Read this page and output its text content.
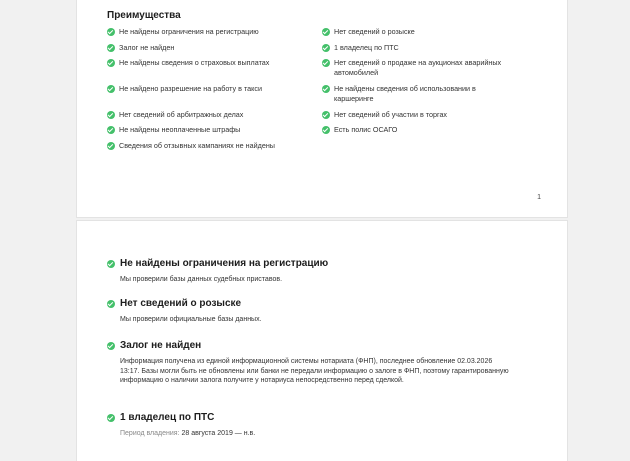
Преимущества
Не найдены ограничения на регистрацию
Залог не найден
Не найдены сведения о страховых выплатах
Не найдено разрешение на работу в такси
Нет сведений об арбитражных делах
Не найдены неоплаченные штрафы
Сведения об отзывных кампаниях не найдены
Нет сведений о розыске
1 владелец по ПТС
Нет сведений о продаже на аукционах аварийных автомобилей
Не найдены сведения об использовании в каршеринге
Нет сведений об участии в торгах
Есть полис ОСАГО
1
Не найдены ограничения на регистрацию
Мы проверили базы данных судебных приставов.
Нет сведений о розыске
Мы проверили официальные базы данных.
Залог не найден
Информация получена из единой информационной системы нотариата (ФНП), последнее обновление 02.03.2026 13:17. Базы могли быть не обновлены или банки не передали информацию о залоге в ФНП, поэтому гарантированную информацию о наличии залога получите у нотариуса непосредственно перед сделкой.
1 владелец по ПТС
Период владения: 28 августа 2019 — н.в.
